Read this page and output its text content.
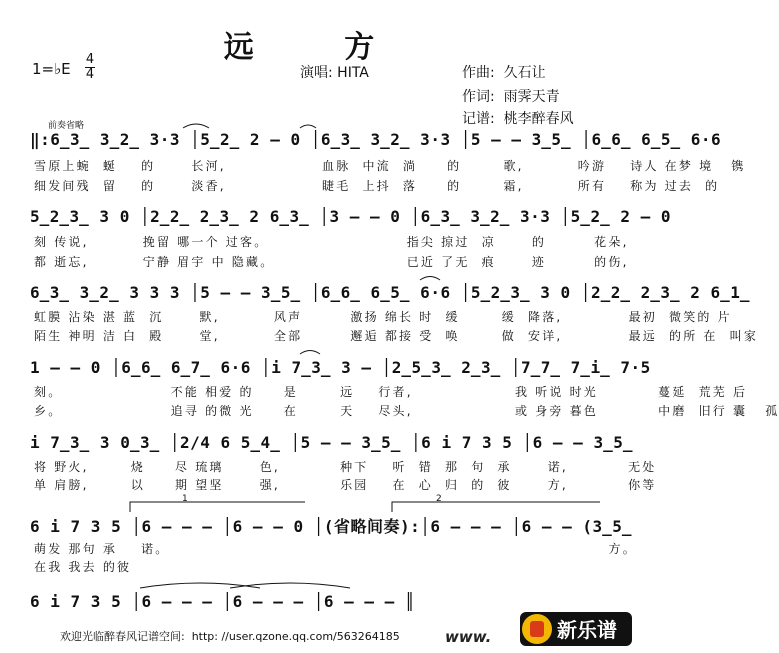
远 方
1=♭E
4
4	演唱: HITA	作曲:  久石让
作词:  雨霁天青
记谱:  桃李醉春风
前奏省略
‖:6̲3̲ 3̲2̲ 3·3 │5̲2̲ 2 – 0 │6̲3̲ 3̲2̲ 3·3 │5 – – 3̲5̲ │6̲6̲ 6̲5̲ 6·6
雪原上蜿  蜒    的      长河,                血脉  中流  淌     的       歌,         吟游    诗人 在梦 境   镌
细发间残  留    的      淡香,                睫毛  上抖  落     的       霜,         所有    称为 过去  的
5̲2̲3̲ 3 0 │2̲2̲ 2̲3̲ 2 6̲3̲ │3 – – 0 │6̲3̲ 3̲2̲ 3·3 │5̲2̲ 2 – 0
刻 传说,         挽留 哪一个 过客。                       指尖 掠过  凉      的        花朵,
都 逝忘,         宁静 眉宇 中 隐藏。                      已近 了无  痕      迹        的伤,
6̲3̲ 3̲2̲ 3 3 3 │5 – – 3̲5̲ │6̲6̲ 6̲5̲ 6·6 │5̲2̲3̲ 3 0 │2̲2̲ 2̲3̲ 2 6̲1̲
虹膜 沾染 湛 蓝  沉      默,         风声        激扬 绵长 时  缓       缓  降落,           最初  微笑的 片
陌生 神明 洁 白  殿      堂,         全部        邂逅 都接 受  唤       做  安详,           最远  的所 在  叫家
1 – – 0 │6̲6̲ 6̲7̲ 6·6 │i 7̲3̲ 3 – │2̲5̲3̲ 2̲3̲ │7̲7̲ 7̲i̲ 7·5
刻。                  不能 相爱 的     是       远    行者,                 我 听说 时光          蔓延  荒芜 后
乡。                  追寻 的微 光     在       天    尽头,                 或 身旁 暮色          中磨  旧行 囊   孤
i 7̲3̲ 3 0̲3̲ │2/4 6 5̲4̲ │5 – – 3̲5̲ │6 i 7 3 5 │6 – – 3̲5̲
将 野火,       烧     尽 琉璃      色,          种下    听  错  那  句  承      诺,          无处
单 肩膀,       以     期 望坚      强,          乐园    在  心  归  的  彼      方,          你等
6 i 7 3 5 │6 – – – │6 – – 0 │(省略间奏):│6 – – – │6 – – (3̲5̲
萌发 那句 承    诺。                                                                         方。
在我 我去 的彼
6 i 7 3 5 │6 – – – │6 – – – │6 – – – ║
1	2
欢迎光临醉春风记谱空间:  http: //user.qzone.qq.com/563264185	www.	新乐谱
